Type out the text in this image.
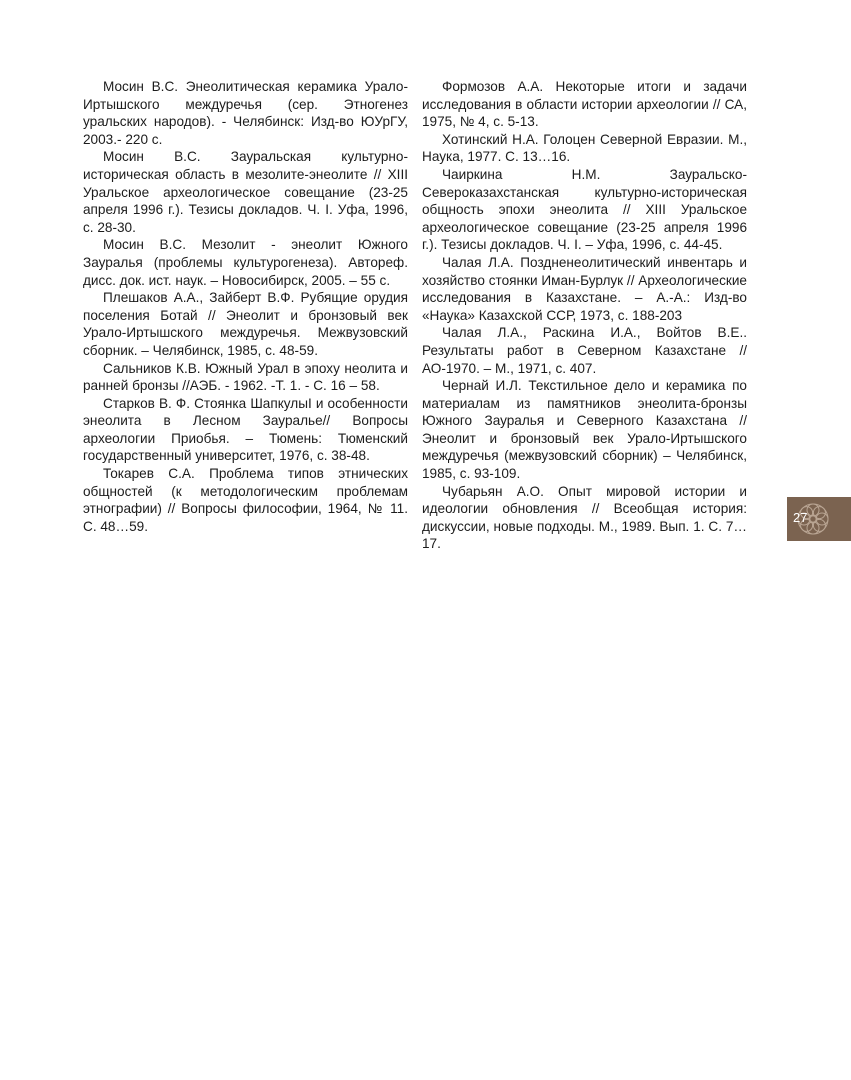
Мосин В.С. Энеолитическая керамика Урало-Иртышского междуречья (сер. Этногенез уральских народов). - Челябинск: Изд-во ЮУрГУ, 2003.- 220 с.

Мосин В.С. Зауральская культурно-историческая область в мезолите-энеолите // XIII Уральское археологическое совещание (23-25 апреля 1996 г.). Тезисы докладов. Ч. I. Уфа, 1996, с. 28-30.

Мосин В.С. Мезолит - энеолит Южного Зауралья (проблемы культурогенеза). Автореф. дисс. док. ист. наук. – Новосибирск, 2005. – 55 с.

Плешаков А.А., Зайберт В.Ф. Рубящие орудия поселения Ботай // Энеолит и бронзовый век Урало-Иртышского междуречья. Межвузовский сборник. – Челябинск, 1985, с. 48-59.

Сальников К.В. Южный Урал в эпоху неолита и ранней бронзы //АЭБ. - 1962. -Т. 1. - С. 16 – 58.

Старков В. Ф. Стоянка ШапкулыI и особенности энеолита в Лесном Зауралье// Вопросы археологии Приобья. – Тюмень: Тюменский государственный университет, 1976, с. 38-48.

Токарев С.А. Проблема типов этнических общностей (к методологическим проблемам этнографии) // Вопросы философии, 1964, № 11. С. 48…59.

Формозов А.А. Некоторые итоги и задачи исследования в области истории археологии // СА, 1975, № 4, с. 5-13.

Хотинский Н.А. Голоцен Северной Евразии. М., Наука, 1977. С. 13…16.

Чаиркина Н.М. Зауральско-Североказахстанская культурно-историческая общность эпохи энеолита // XIII Уральское археологическое совещание (23-25 апреля 1996 г.). Тезисы докладов. Ч. I. – Уфа, 1996, с. 44-45.

Чалая Л.А. Поздненеолитический инвентарь и хозяйство стоянки Иман-Бурлук // Археологические исследования в Казахстане. – А.-А.: Изд-во «Наука» Казахской ССР, 1973, с. 188-203

Чалая Л.А., Раскина И.А., Войтов В.Е.. Результаты работ в Северном Казахстане // АО-1970. – М., 1971, с. 407.

Чернай И.Л. Текстильное дело и керамика по материалам из памятников энеолита-бронзы Южного Зауралья и Северного Казахстана // Энеолит и бронзовый век Урало-Иртышского междуречья (межвузовский сборник) – Челябинск, 1985, с. 93-109.

Чубарьян А.О. Опыт мировой истории и идеологии обновления // Всеобщая история: дискуссии, новые подходы. М., 1989. Вып. 1. С. 7…17.

27
